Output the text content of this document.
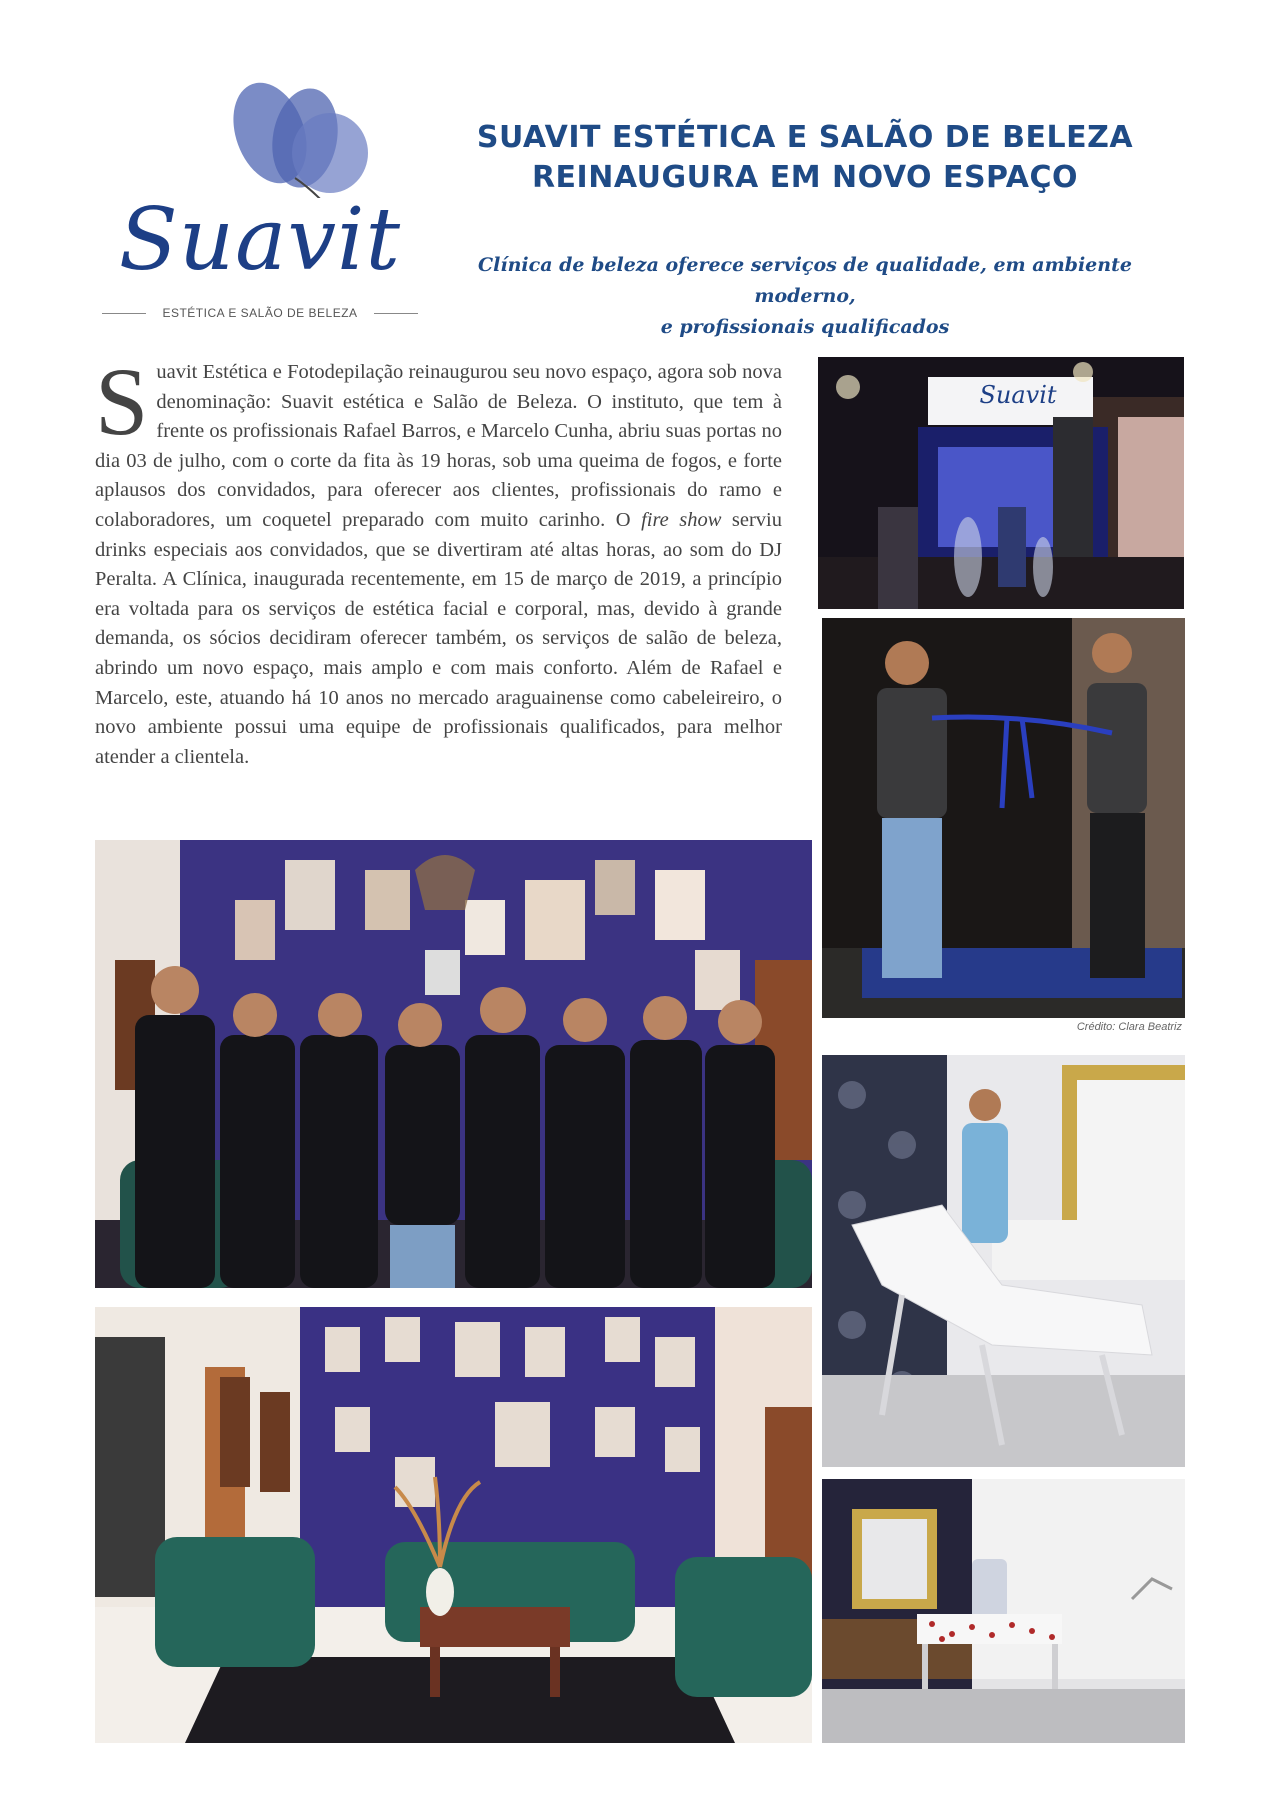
Suavit
ESTÉTICA E SALÃO DE BELEZA
SUAVIT ESTÉTICA E SALÃO DE BELEZA
REINAUGURA EM NOVO ESPAÇO
Clínica de beleza oferece serviços de qualidade, em ambiente moderno,
e profissionais qualificados
Suavit Estética e Fotodepilação reinaugurou seu novo espaço, agora sob nova denominação: Suavit estética e Salão de Beleza. O instituto, que tem à frente os profissionais Rafael Barros, e Marcelo Cunha, abriu suas portas no dia 03 de julho, com o corte da fita às 19 horas, sob uma queima de fogos, e forte aplausos dos convidados, para oferecer aos clientes, profissionais do ramo e colaboradores, um coquetel preparado com muito carinho. O fire show serviu drinks especiais aos convidados, que se divertiram até altas horas, ao som do DJ Peralta. A Clínica, inaugurada recentemente, em 15 de março de 2019, a princípio era voltada para os serviços de estética facial e corporal, mas, devido à grande demanda, os sócios decidiram oferecer também, os serviços de salão de beleza, abrindo um novo espaço, mais amplo e com mais conforto. Além de Rafael e Marcelo, este, atuando há 10 anos no mercado araguainense como cabeleireiro, o novo ambiente possui uma equipe de profissionais qualificados, para melhor atender a clientela.
Suavit
Crédito: Clara Beatriz
